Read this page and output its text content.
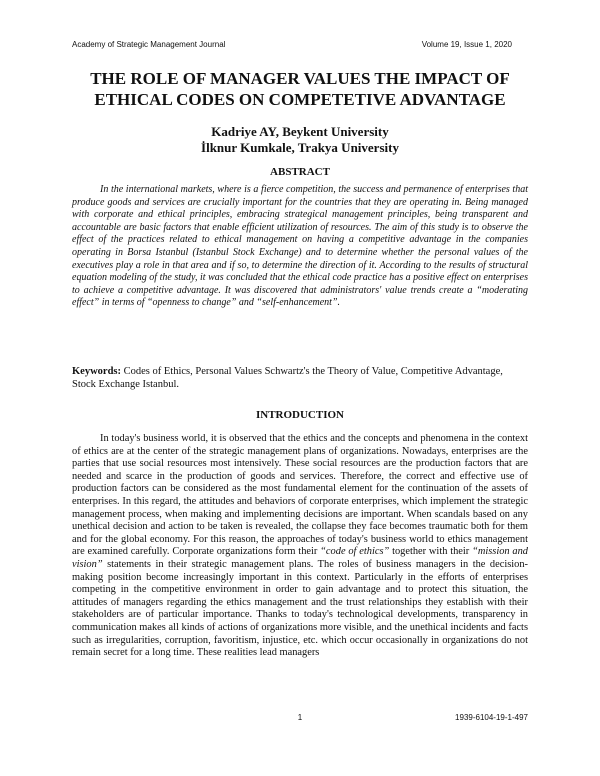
Academy of Strategic Management Journal	Volume 19, Issue 1, 2020
THE ROLE OF MANAGER VALUES THE IMPACT OF
ETHICAL CODES ON COMPETETIVE ADVANTAGE
Kadriye AY, Beykent University
İlknur Kumkale, Trakya University
ABSTRACT

In the international markets, where is a fierce competition, the success and permanence of enterprises that produce goods and services are crucially important for the countries that they are operating in. Being managed with corporate and ethical principles, embracing strategical management principles, being transparent and accountable are basic factors that enable efficient utilization of resources. The aim of this study is to observe the effect of the practices related to ethical management on having a competitive advantage in the companies operating in Borsa Istanbul (Istanbul Stock Exchange) and to determine whether the personal values of the executives play a role in that area and if so, to determine the direction of it. According to the results of structural equation modeling of the study, it was concluded that the ethical code practice has a positive effect on enterprises to achieve a competitive advantage. It was discovered that administrators' value trends create a “moderating effect” in terms of “openness to change” and “self-enhancement”.

Keywords: Codes of Ethics, Personal Values Schwartz's the Theory of Value, Competitive Advantage, Stock Exchange Istanbul.

INTRODUCTION

In today's business world, it is observed that the ethics and the concepts and phenomena in the context of ethics are at the center of the strategic management plans of organizations. Nowadays, enterprises are the parties that use social resources most intensively. These social resources are the production factors that are needed and scarce in the production of goods and services. Therefore, the correct and effective use of production factors can be considered as the most fundamental element for the continuation of the assets of enterprises. In this regard, the attitudes and behaviors of corporate enterprises, which implement the strategic management process, when making and implementing decisions are important. When scandals based on any unethical decision and action to be taken is revealed, the collapse they face becomes traumatic both for them and for the global economy. For this reason, the approaches of today's business world to ethics management are examined carefully. Corporate organizations form their “code of ethics” together with their “mission and vision” statements in their strategic management plans. The roles of business managers in the decision-making position become increasingly important in this context. Particularly in the efforts of enterprises competing in the competitive environment in order to gain advantage and to protect this situation, the attitudes of managers regarding the ethics management and the trust relationships they establish with their stakeholders are of particular importance. Thanks to today's technological developments, transparency in communication makes all kinds of actions of organizations more visible, and the unethical incidents and facts such as irregularities, corruption, favoritism, injustice, etc. which occur occasionally in organizations do not remain secret for a long time. These realities lead managers

1	1939-6104-19-1-497
